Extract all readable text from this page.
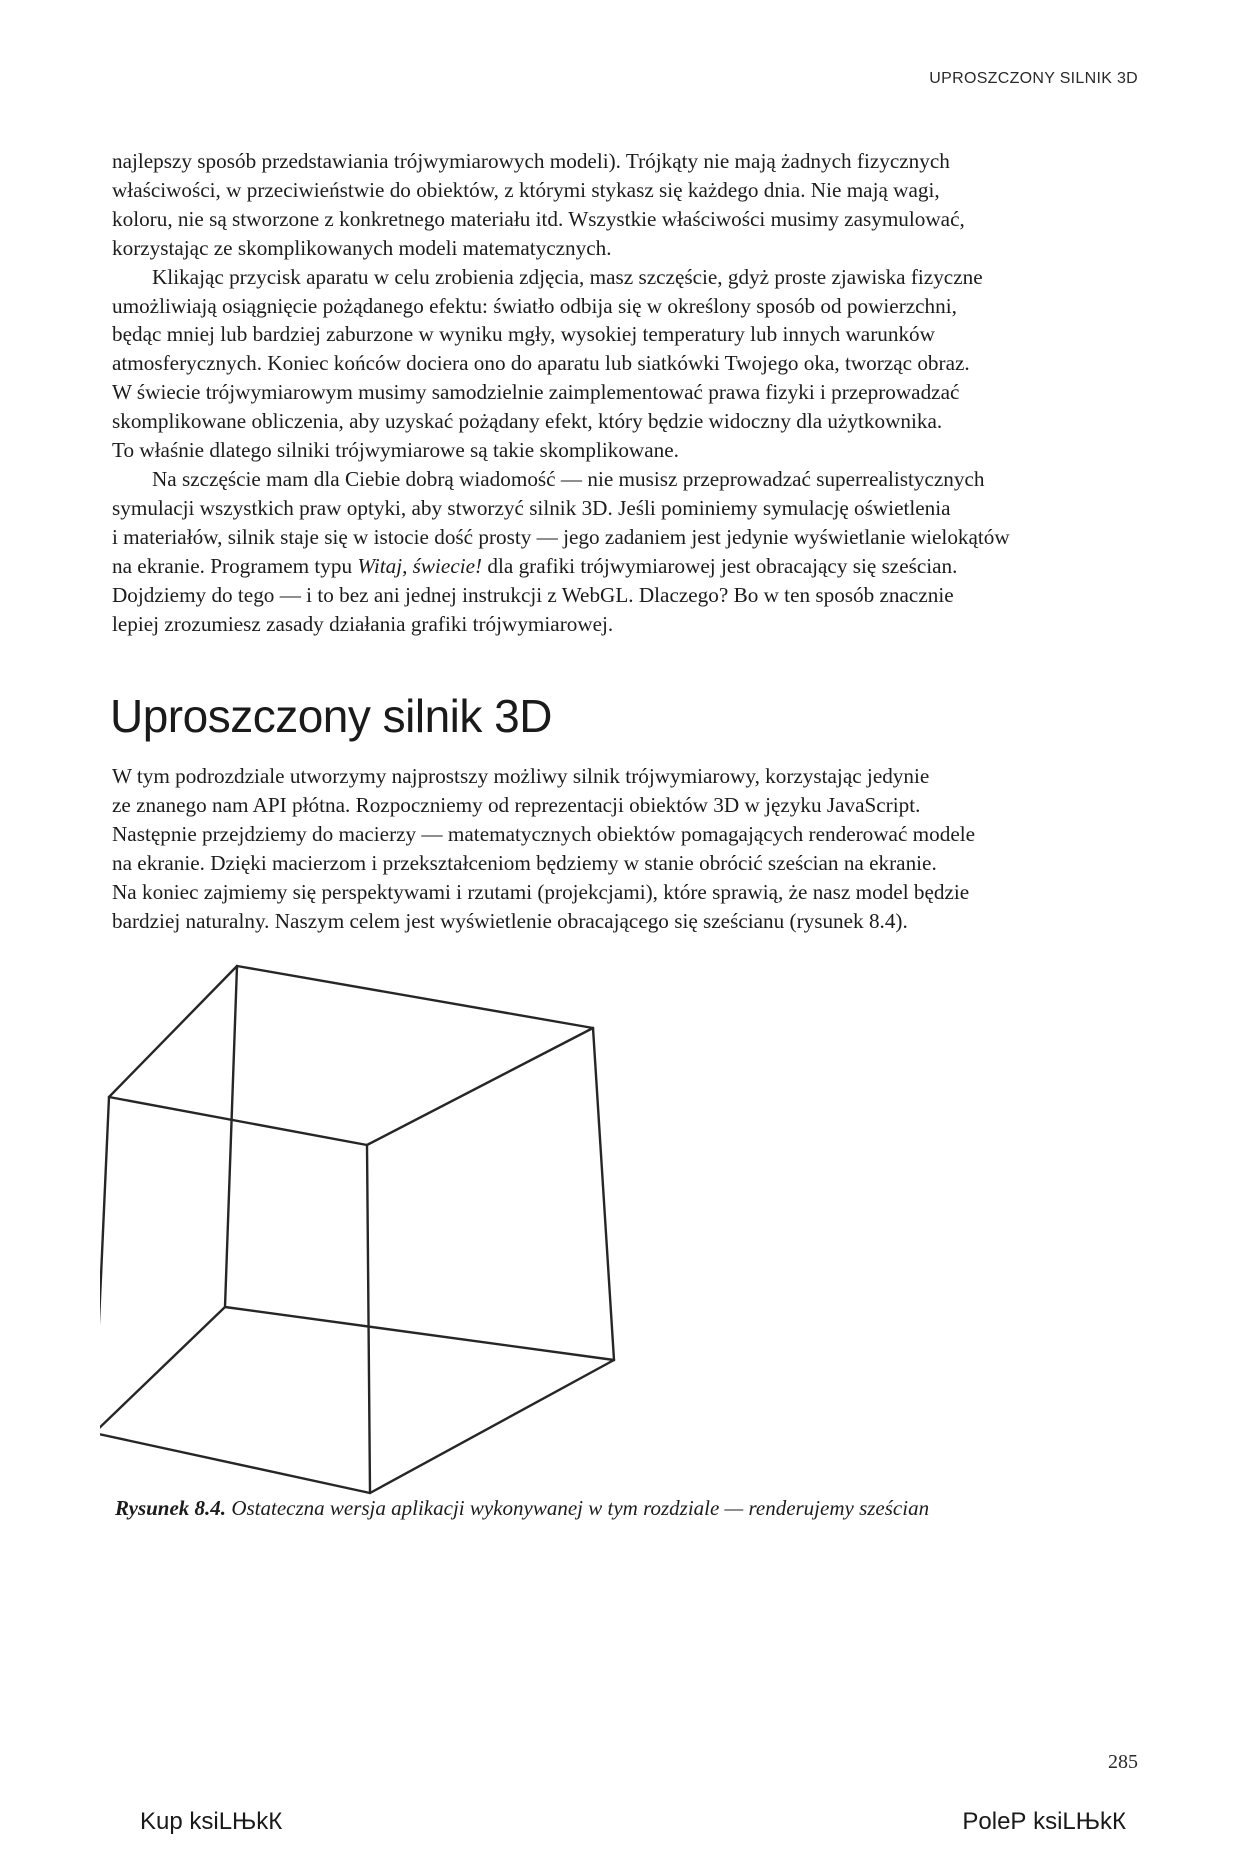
UPROSZCZONY SILNIK 3D

najlepszy sposób przedstawiania trójwymiarowych modeli). Trójkąty nie mają żadnych fizycznych
właściwości, w przeciwieństwie do obiektów, z którymi stykasz się każdego dnia. Nie mają wagi,
koloru, nie są stworzone z konkretnego materiału itd. Wszystkie właściwości musimy zasymulować,
korzystając ze skomplikowanych modeli matematycznych.

Klikając przycisk aparatu w celu zrobienia zdjęcia, masz szczęście, gdyż proste zjawiska fizyczne
umożliwiają osiągnięcie pożądanego efektu: światło odbija się w określony sposób od powierzchni,
będąc mniej lub bardziej zaburzone w wyniku mgły, wysokiej temperatury lub innych warunków
atmosferycznych. Koniec końców dociera ono do aparatu lub siatkówki Twojego oka, tworząc obraz.
W świecie trójwymiarowym musimy samodzielnie zaimplementować prawa fizyki i przeprowadzać
skomplikowane obliczenia, aby uzyskać pożądany efekt, który będzie widoczny dla użytkownika.
To właśnie dlatego silniki trójwymiarowe są takie skomplikowane.

Na szczęście mam dla Ciebie dobrą wiadomość — nie musisz przeprowadzać superrealistycznych
symulacji wszystkich praw optyki, aby stworzyć silnik 3D. Jeśli pominiemy symulację oświetlenia
i materiałów, silnik staje się w istocie dość prosty — jego zadaniem jest jedynie wyświetlanie wielokątów
na ekranie. Programem typu Witaj, świecie! dla grafiki trójwymiarowej jest obracający się sześcian.
Dojdziemy do tego — i to bez ani jednej instrukcji z WebGL. Dlaczego? Bo w ten sposób znacznie
lepiej zrozumiesz zasady działania grafiki trójwymiarowej.

Uproszczony silnik 3D

W tym podrozdziale utworzymy najprostszy możliwy silnik trójwymiarowy, korzystając jedynie
ze znanego nam API płótna. Rozpoczniemy od reprezentacji obiektów 3D w języku JavaScript.
Następnie przejdziemy do macierzy — matematycznych obiektów pomagających renderować modele
na ekranie. Dzięki macierzom i przekształceniom będziemy w stanie obrócić sześcian na ekranie.
Na koniec zajmiemy się perspektywami i rzutami (projekcjami), które sprawią, że nasz model będzie
bardziej naturalny. Naszym celem jest wyświetlenie obracającego się sześcianu (rysunek 8.4).

Rysunek 8.4. Ostateczna wersja aplikacji wykonywanej w tym rozdziale — renderujemy sześcian
285
Kup ksiLЊkК	PoleР ksiLЊkК
